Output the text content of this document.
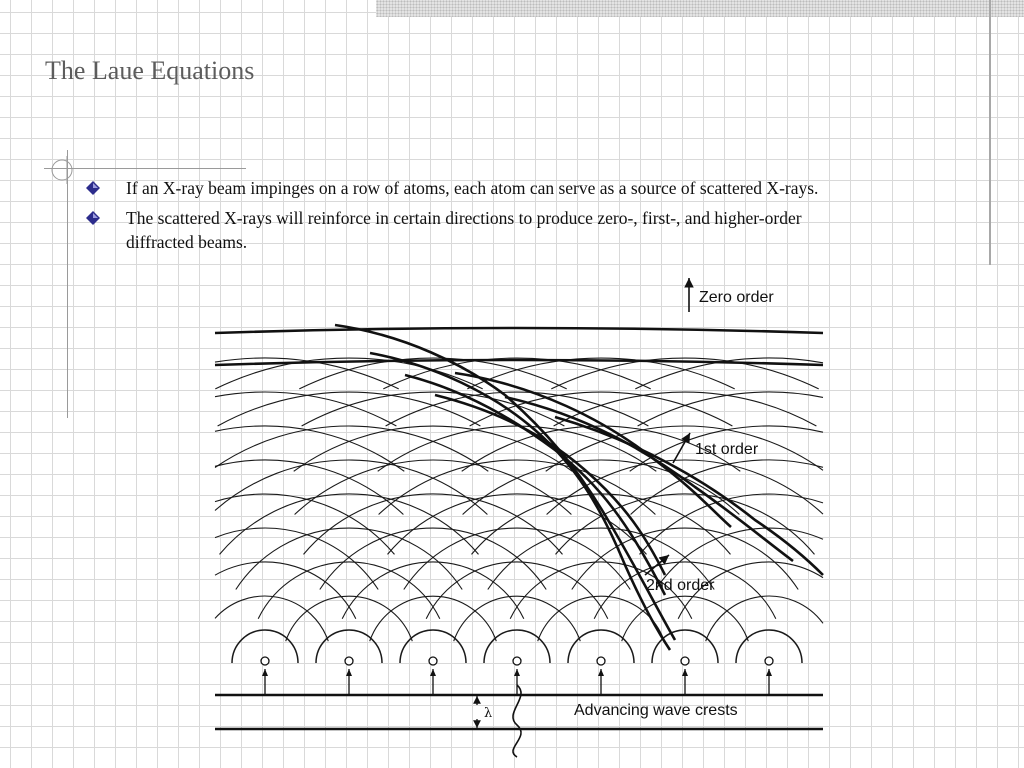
The Laue Equations
If an X-ray beam impinges on a row of atoms, each atom can serve as a source of scattered X-rays.
The scattered X-rays will reinforce in certain directions to produce zero-, first-, and higher-order diffracted beams.
λ	Advancing wave crests
Zero order
1st order
2nd order
